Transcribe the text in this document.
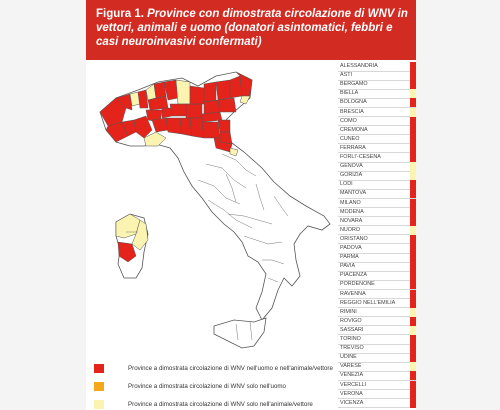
Figura 1. Province con dimostrata circolazione di WNV in vettori, animali e uomo (donatori asintomatici, febbri e casi neuroinvasivi confermati)
ALESSANDRIA
ASTI
BERGAMO
BIELLA
BOLOGNA
BRESCIA
COMO
CREMONA
CUNEO
FERRARA
FORLI'-CESENA
GENOVA
GORIZIA
LODI
MANTOVA
MILANO
MODENA
NOVARA
NUORO
ORISTANO
PADOVA
PARMA
PAVIA
PIACENZA
PORDENONE
RAVENNA
REGGIO NELL'EMILIA
RIMINI
ROVIGO
SASSARI
TORINO
TREVISO
UDINE
VARESE
VENEZIA
VERCELLI
VERONA
VICENZA
Province a dimostrata circolazione di WNV nell'uomo e nell'animale/vettore
Province a dimostrata circolazione di WNV solo nell'uomo
Province a dimostrata circolazione di WNV solo nell'animale/vettore
